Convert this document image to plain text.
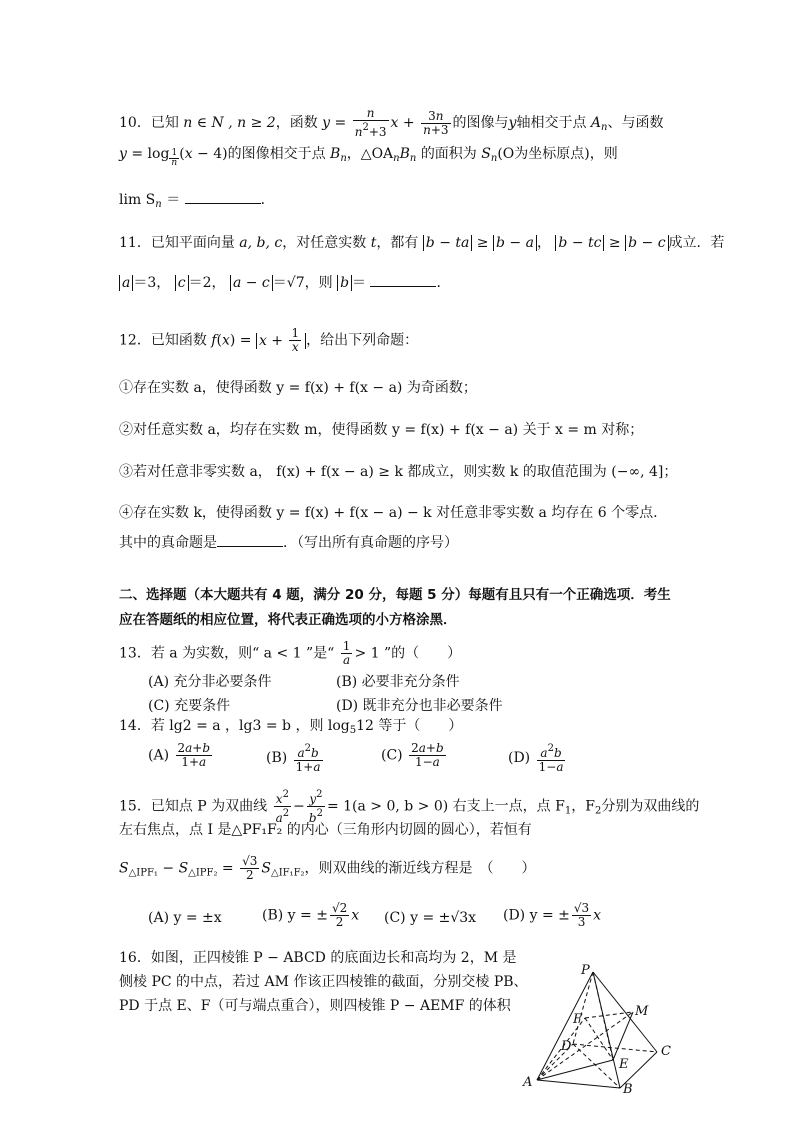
10．已知 n ∈ N , n ≥ 2，函数 $y = \frac{n}{n^2+3}$ $x + \frac{3n}{n+3}$ 的图像与y轴相交于点 $A_n$、与函数
y = log $_{\frac{1}{n}}$ (x − 4)的图像相交于点 $B_n$，$\triangle OA_nB_n$ 的面积为 $S_n(O$为坐标原点)，则
$\lim S_n$ ＝	．
11．已知平面向量 a, b, c，对任意实数 t，都有 b − ta ≥ b − a ， b − tc ≥ b − c 成立．若
a ＝3， c ＝2， a − c ＝√7，则 b ＝	．
12．已知函数 $f(x) = x + \frac{1}{x}$ ，给出下列命题：
①存在实数 a，使得函数 y = f(x) + f(x − a) 为奇函数；
②对任意实数 a，均存在实数 m，使得函数 y = f(x) + f(x − a) 关于 x = m 对称；
③若对任意非零实数 a， f(x) + f(x − a) ≥ k 都成立，则实数 k 的取值范围为 (−∞, 4]；
④存在实数 k，使得函数 y = f(x) + f(x − a) − k 对任意非零实数 a 均存在 6 个零点.
其中的真命题是	．（写出所有真命题的序号）
二、选择题（本大题共有 4 题，满分 20 分，每题 5 分）每题有且只有一个正确选项．考生
应在答题纸的相应位置，将代表正确选项的小方格涂黑．
13．若 a 为实数，则“ a < 1 ”是“ $\frac{1}{a} > 1$ ”的（　　）
(A) 充分非必要条件	(B) 必要非充分条件
(C) 充要条件	(D) 既非充分也非必要条件
14．若 lg2 = a ，lg3 = b ，则 $\log_512$ 等于（　　）
$(A) \frac{2a+b}{1+a}$	$(B) \frac{a^2b}{1+a}$	$(C) \frac{2a+b}{1-a}$	$(D) \frac{a^2b}{1-a}$
15．已知点 P 为双曲线 $\frac{x^2}{a^2} - \frac{y^2}{b^2} = 1(a > 0$, b > 0) 右支上一点，点 $F_1$，$F_2$分别为双曲线的
左右焦点，点 I 是△PF₁F₂ 的内心（三角形内切圆的圆心），若恒有
$S_{\triangle IPF_1} - S_{\triangle IPF_2} = \frac{√3}{2} S_{\triangle IF_1F_2}$，则双曲线的渐近线方程是　（　　）
(A) y = ±x	(B) y = ± $\frac{√2}{2}$ x (C) y = ±√3x (D) y = ± $\frac{√3}{3}$ x
16．如图，正四棱锥 P − ABCD 的底面边长和高均为 2，M 是
侧棱 PC 的中点，若过 AM 作该正四棱锥的截面，分别交棱 PB、
PD 于点 E、F（可与端点重合），则四棱锥 P − AEMF 的体积
P
M
F
D	C
E
A	B
